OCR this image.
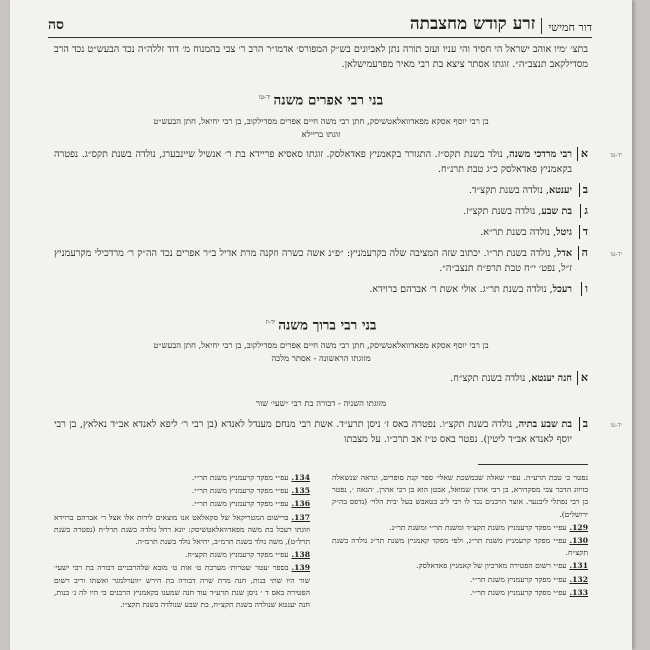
דור חמישי
זרע קודש מחצבתה
סה
בתצ׳ ׳מיו אוהב ישראל הי חסיד והי עניו ועזב תורה נתן לאביונים בש״ק המפורס׳ אדמו״ר הרב ר׳ צבי בהמנוח מ׳ דוד זללה״ה נכד הבעש״ט נכד הרב מסדילקאב תנצב״ה״. זוגתו אסתר ציצא בת רבי מאיר מפרעמישלאן.
בני רבי אפרים משנה$^{יד-טו}$
בן רבי יוסף אסקא מפאדוואלאטשיסק, חתן רבי משה חיים אפרים מסדילקוב, בן רבי יחיאל, חתן הבעש״ט
זוגתו בריילא
יד-טו
א
רבי מרדכי משנה, נולד בשנת תקס״ז. התגורר בקאמניץ פאדאלסק. זוגתו סאסיא פריידא בת ר׳ אנשיל שיינבערג, נולדה בשנת תקס״ג. נפטרה בקאמניץ פאדאלסק כ״ג טבת תרנ״ח.
ב
יענטא, נולדה בשנת תקצ״ד.
ג
בת שבע, נולדה בשנת תקצ״ז.
ד
גיטל, נולדה בשנת תר״א.
יד-טו
ה
אדל, נולדה בשנת תר״ו. יכתוב שזה המציבה שלה בקרעמניץ: ״פ״נ אשה כשרה וזקנה מרת אדיל ב״ר אפרים נכד הה״ק ר׳ מרדכילי מקרעמניץ ז״ל, נפט׳ י״ח טבת תרפ״ח תנצב״ה״.
ו
רעכל, נולדה בשנת תר״ג. אולי אשת ר׳ אברהם ברוידא.
בני רבי ברוך משנה$^{יד-יז}$
בן רבי יוסף אסקא מפאדוואלאטשיסק, חתן רבי משה חיים אפרים מסדילקוב, בן רבי יחיאל, חתן הבעש״ט
מזוגתו הראשונה - אסתר מלכה
א
חנה יענטא, נולדה בשנת תקצ״ח.
מזוגתו השניה - דבורה בת רבי ״שעי׳ שור
יד-טו
ב
בת שבע בתיה, נולדה בשנת תקצ״ו. נפטרה באס ז׳ ניסן תרע״ד. אשת רבי מנחם מענדל לאנדא (בן רבי ר׳ ליפא לאנדא אב״ד נאלאץ, בן רבי יוסף לאנדא אב״ד ליטין). נפטר באס ט״ז אב תרכ״ו. על מצבתו
נפטר כ׳ טבת תרע״ה. עפ״י שאלה שבמשכת שאלי׳ ספר קנת סופרים, ונראה שנשאלה בזיווג הדבר צבי מסקדורא, בן רבי אהרן שמואל, אבטן הוא בן רבי אהרן. ׳הגאה ׳, נפטר בן רבי נפתלי ליבנער. אוצר הרבנים נכד לו רבי ליב בטאבש בעל ׳בית הלוי׳ (נדפס בה״ק ירושלים).
129.עפ״י מפקד קרעמניץ משנת תקצ״ד ומשנת תר״י ומשנת תר״ג.
130.עפ״י מפקד קרעמניץ משנת תר״ג, ולפי מפקד קאמניץ משנת תר״ג נולדה בשנת תקצ״ח.
131.עפ״י רשום הפטירה מארכיון של קאמניץ פאדאלסק.
132.עפ״י מפקד קרעמניץ משנת תר״י.
133.עפ״י מפקד קרעמניץ משנת תר״י.
134.עפ״י מפקד קרעמניץ משנת תר״י.
135.עפ״י מפקד קרעמניץ משנת תר״י.
136.עפ״י מפקד קרעמניץ משנת תר״י.
137.ברישום המטריקאל של סקאלאט אנו מוצאים לידות אלו אצל ר׳ אברהם ברוידא וזוגתו רעכל בת משה מפאדוואלאטשיסק: יונא רחל נולדה בשנת תרל״ח (נפטרה בשנת תרל״ט), משה נולד בשנת תרמ״ב, יחיאל נולד בשנת תרמ״ה.
138.עפ״י מפקד קרעמניץ משנת תקצ״ח.
139.בספר ׳עטר ׳עטרות׳ מערכת ט׳ אות ט׳ מובא שלהרבניים דבורה בת רבי ישעי׳ שור היו שתי בנות, חנה מרת שרה דבורה בת הירש ״ווערלמגר ואשתו וריב רשום הפטירה באס ד ׳ ניסן שנת תרע״ד עוד חנה שמענו בקאמניץ הרבנים כי היו לה ג׳ בנות, חנה יענטא שנולדה בשנת תקצ״ח, בת שבע שנולדה בשנת תקצ״ו.
